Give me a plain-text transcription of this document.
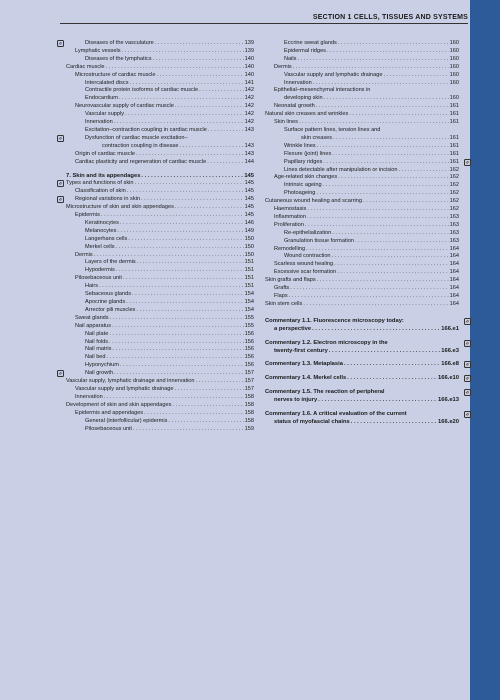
SECTION 1 CELLS, TISSUES AND SYSTEMS
Diseases of the vasculature . . .	139
Lymphatic vessels . . .	139
Diseases of the lymphatics . . .	140
Cardiac muscle . . .	140
Microstructure of cardiac muscle . . .	140
Intercalated discs . . .	141
Contractile protein isoforms of cardiac muscle . . .	142
Endocardium . . .	142
Neurovascular supply of cardiac muscle . . .	142
Vascular supply . . .	142
Innervation . . .	142
Excitation–contraction coupling in cardiac muscle . . .	143
Dysfunction of cardiac muscle excitation–
contraction coupling in disease . . .	143
Origin of cardiac muscle . . .	143
Cardiac plasticity and regeneration of cardiac muscle . . .	144
7. Skin and its appendages . . .	145
Types and functions of skin . . .	145
Classification of skin . . .	145
Regional variations in skin . . .	145
Microstructure of skin and skin appendages . . .	145
Epidermis . . .	145
Keratinocytes . . .	146
Melanocytes . . .	149
Langerhans cells . . .	150
Merkel cells . . .	150
Dermis . . .	150
Layers of the dermis . . .	151
Hypodermis . . .	151
Pilosebaceous unit . . .	151
Hairs . . .	151
Sebaceous glands . . .	154
Apocrine glands . . .	154
Arrector pili muscles . . .	154
Sweat glands . . .	155
Nail apparatus . . .	155
Nail plate . . .	156
Nail folds . . .	156
Nail matrix . . .	156
Nail bed . . .	156
Hyponychium . . .	156
Nail growth . . .	157
Vascular supply, lymphatic drainage and innervation . . .	157
Vascular supply and lymphatic drainage . . .	157
Innervation . . .	158
Development of skin and skin appendages . . .	158
Epidermis and appendages . . .	158
General (interfollicular) epidermis . . .	158
Pilosebaceous unit . . .	159
Eccrine sweat glands . . .	160
Epidermal ridges . . .	160
Nails . . .	160
Dermis . . .	160
Vascular supply and lymphatic drainage . . .	160
Innervation . . .	160
Epithelial–mesenchymal interactions in
developing skin . . .	160
Neonatal growth . . .	161
Natural skin creases and wrinkles . . .	161
Skin lines . . .	161
Surface pattern lines, tension lines and
skin creases . . .	161
Wrinkle lines . . .	161
Flexure (joint) lines . . .	161
Papillary ridges . . .	161
Lines detectable after manipulation or incision . . .	162
Age-related skin changes . . .	162
Intrinsic ageing . . .	162
Photoageing . . .	162
Cutaneous wound healing and scarring . . .	162
Haemostasis . . .	162
Inflammation . . .	163
Proliferation . . .	163
Re-epithelialization . . .	163
Granulation tissue formation . . .	163
Remodelling . . .	164
Wound contraction . . .	164
Scarless wound healing . . .	164
Excessive scar formation . . .	164
Skin grafts and flaps . . .	164
Grafts . . .	164
Flaps . . .	164
Skin stem cells . . .	164
Commentary 1.1. Fluorescence microscopy today:
a perspective . . .	166.e1
Commentary 1.2. Electron microscopy in the
twenty-first century . . .	166.e3
Commentary 1.3. Metaplasia . . .	166.e8
Commentary 1.4. Merkel cells . . .	166.e10
Commentary 1.5. The reaction of peripheral
nerves to injury . . .	166.e13
Commentary 1.6. A critical evaluation of the current
status of myofascial chains . . .	166.e20
